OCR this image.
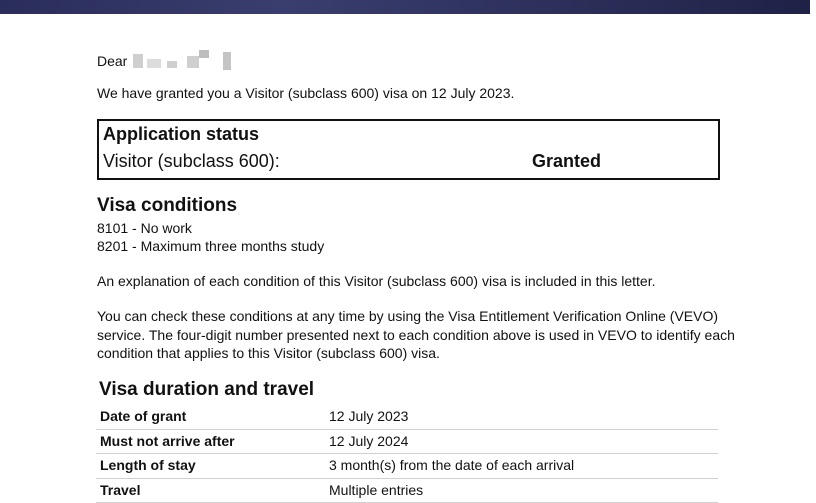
Dear
We have granted you a Visitor (subclass 600) visa on 12 July 2023.
Application status
Visitor (subclass 600):	Granted
Visa conditions
8101 - No work
8201 - Maximum three months study
An explanation of each condition of this Visitor (subclass 600) visa is included in this letter.
You can check these conditions at any time by using the Visa Entitlement Verification Online (VEVO) service. The four-digit number presented next to each condition above is used in VEVO to identify each condition that applies to this Visitor (subclass 600) visa.
Visa duration and travel
Date of grant	12 July 2023
Must not arrive after	12 July 2024
Length of stay	3 month(s) from the date of each arrival
Travel	Multiple entries
